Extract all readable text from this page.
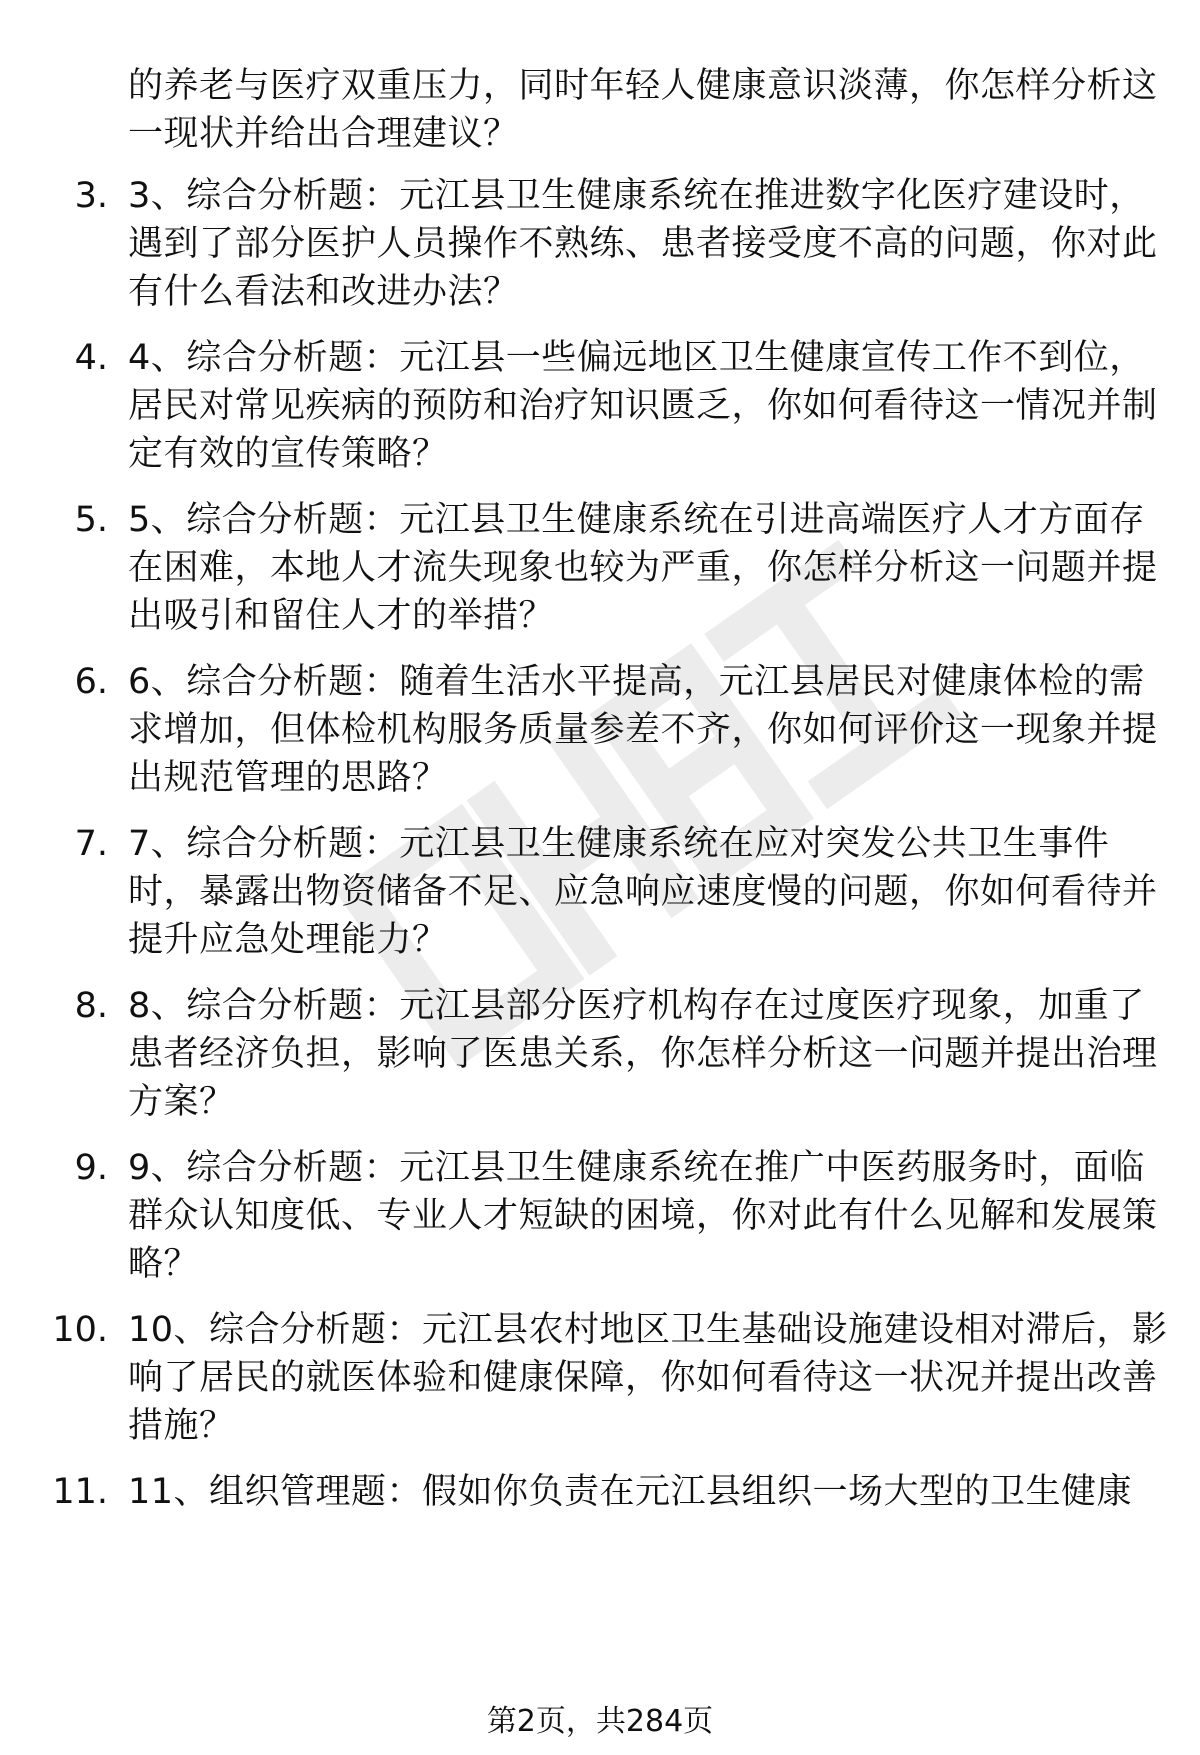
的养老与医疗双重压力，同时年轻人健康意识淡薄，你怎样分析这一现状并给出合理建议？
3. 3、综合分析题：元江县卫生健康系统在推进数字化医疗建设时，遇到了部分医护人员操作不熟练、患者接受度不高的问题，你对此有什么看法和改进办法？
4. 4、综合分析题：元江县一些偏远地区卫生健康宣传工作不到位，居民对常见疾病的预防和治疗知识匮乏，你如何看待这一情况并制定有效的宣传策略？
5. 5、综合分析题：元江县卫生健康系统在引进高端医疗人才方面存在困难，本地人才流失现象也较为严重，你怎样分析这一问题并提出吸引和留住人才的举措？
6. 6、综合分析题：随着生活水平提高，元江县居民对健康体检的需求增加，但体检机构服务质量参差不齐，你如何评价这一现象并提出规范管理的思路？
7. 7、综合分析题：元江县卫生健康系统在应对突发公共卫生事件时，暴露出物资储备不足、应急响应速度慢的问题，你如何看待并提升应急处理能力？
8. 8、综合分析题：元江县部分医疗机构存在过度医疗现象，加重了患者经济负担，影响了医患关系，你怎样分析这一问题并提出治理方案？
9. 9、综合分析题：元江县卫生健康系统在推广中医药服务时，面临群众认知度低、专业人才短缺的困境，你对此有什么见解和发展策略？
10. 10、综合分析题：元江县农村地区卫生基础设施建设相对滞后，影响了居民的就医体验和健康保障，你如何看待这一状况并提出改善措施？
11. 11、组织管理题：假如你负责在元江县组织一场大型的卫生健康
第2页，共284页
